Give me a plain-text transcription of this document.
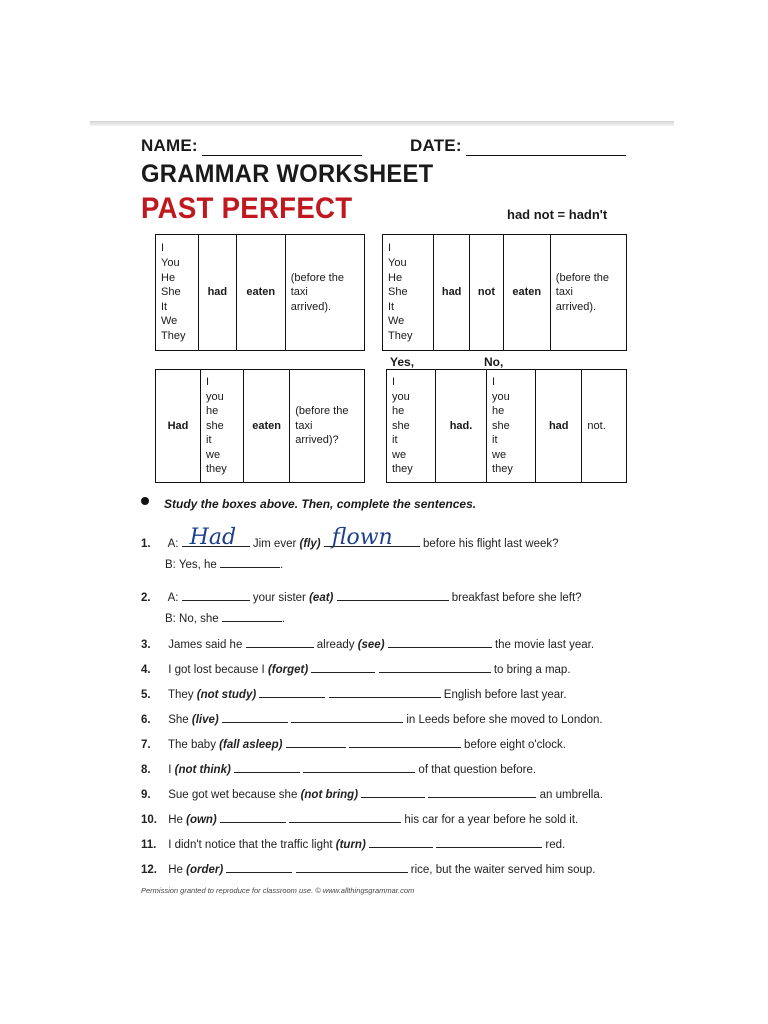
NAME:	DATE:
GRAMMAR WORKSHEET
PAST PERFECT	had not = hadn't
I
You
He
She
It
We
They	had	eaten	(before the
taxi
arrived).
I
You
He
She
It
We
They	had	not	eaten	(before the
taxi
arrived).
Yes,	No,
Had	I
you
he
she
it
we
they	eaten	(before the
taxi
arrived)?
I
you
he
she
it
we
they	had.	I
you
he
she
it
we
they	had	not.
Study the boxes above. Then, complete the sentences.
1. A: Had Jim ever (fly) flown	before his flight last week?
B: Yes, he	.
2. A:	your sister (eat)	breakfast before she left?
B: No, she	.
3. James said he	already (see)	the movie last year.
4. I got lost because I (forget)	to bring a map.
5. They (not study)	English before last year.
6. She (live)	in Leeds before she moved to London.
7. The baby (fall asleep)	before eight o'clock.
8. I (not think)	of that question before.
9. Sue got wet because she (not bring)	an umbrella.
10. He (own)	his car for a year before he sold it.
11. I didn't notice that the traffic light (turn)	red.
12. He (order)	rice, but the waiter served him soup.
Permission granted to reproduce for classroom use. © www.allthingsgrammar.com
